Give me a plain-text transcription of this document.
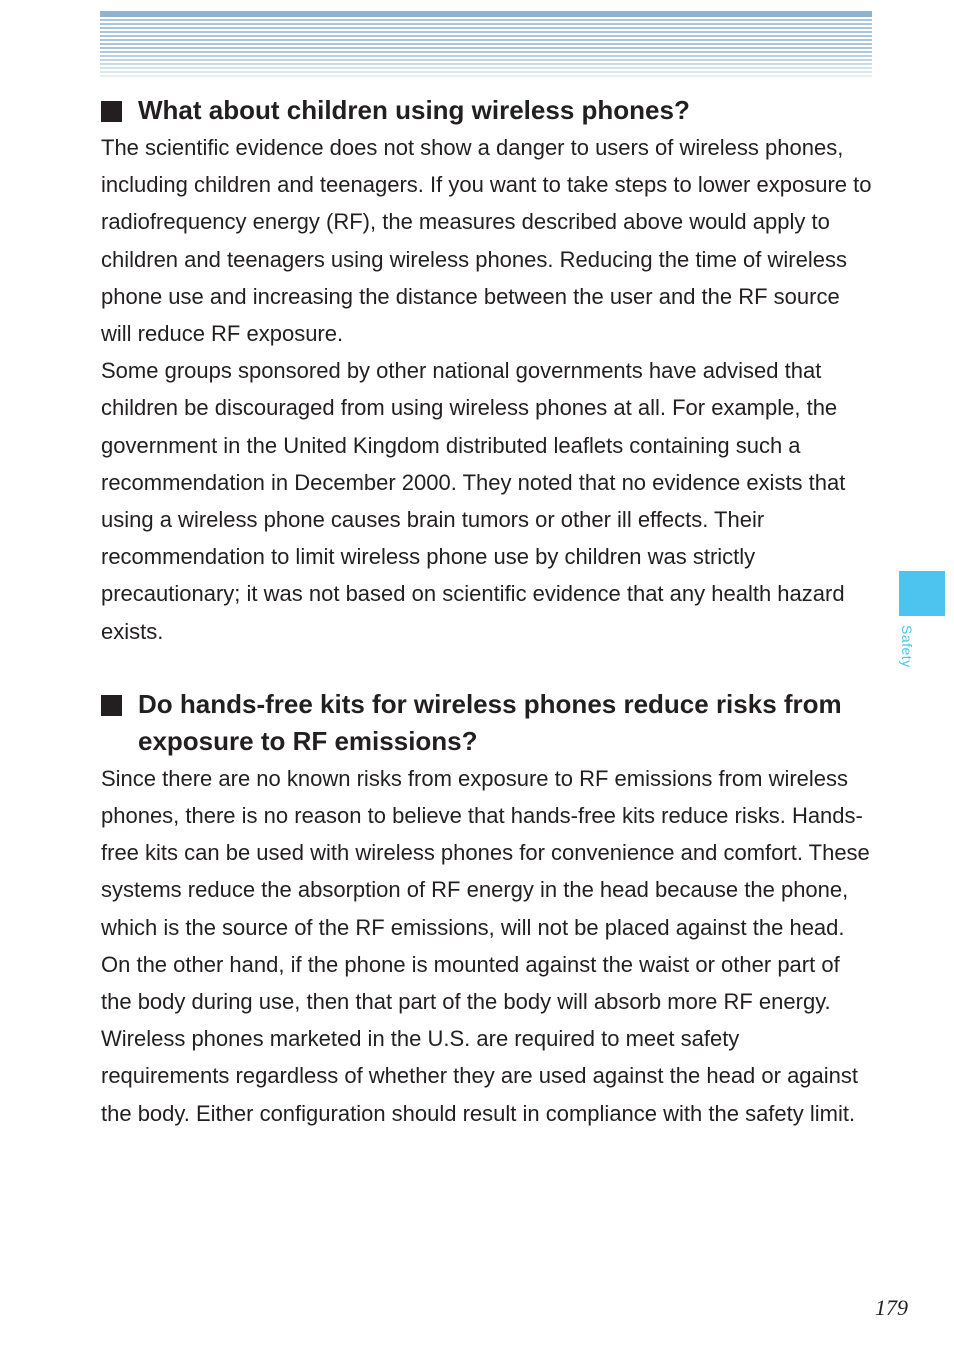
What about children using wireless phones?

The scientific evidence does not show a danger to users of wireless phones, including children and teenagers. If you want to take steps to lower exposure to radiofrequency energy (RF), the measures described above would apply to children and teenagers using wireless phones. Reducing the time of wireless phone use and increasing the distance between the user and the RF source will reduce RF exposure.

Some groups sponsored by other national governments have advised that children be discouraged from using wireless phones at all. For example, the government in the United Kingdom distributed leaflets containing such a recommendation in December 2000. They noted that no evidence exists that using a wireless phone causes brain tumors or other ill effects. Their recommendation to limit wireless phone use by children was strictly precautionary; it was not based on scientific evidence that any health hazard exists.

Do hands-free kits for wireless phones reduce risks from exposure to RF emissions?

Since there are no known risks from exposure to RF emissions from wireless phones, there is no reason to believe that hands-free kits reduce risks. Hands-free kits can be used with wireless phones for convenience and comfort. These systems reduce the absorption of RF energy in the head because the phone, which is the source of the RF emissions, will not be placed against the head.

On the other hand, if the phone is mounted against the waist or other part of the body during use, then that part of the body will absorb more RF energy. Wireless phones marketed in the U.S. are required to meet safety requirements regardless of whether they are used against the head or against the body. Either configuration should result in compliance with the safety limit.

Safety
179
